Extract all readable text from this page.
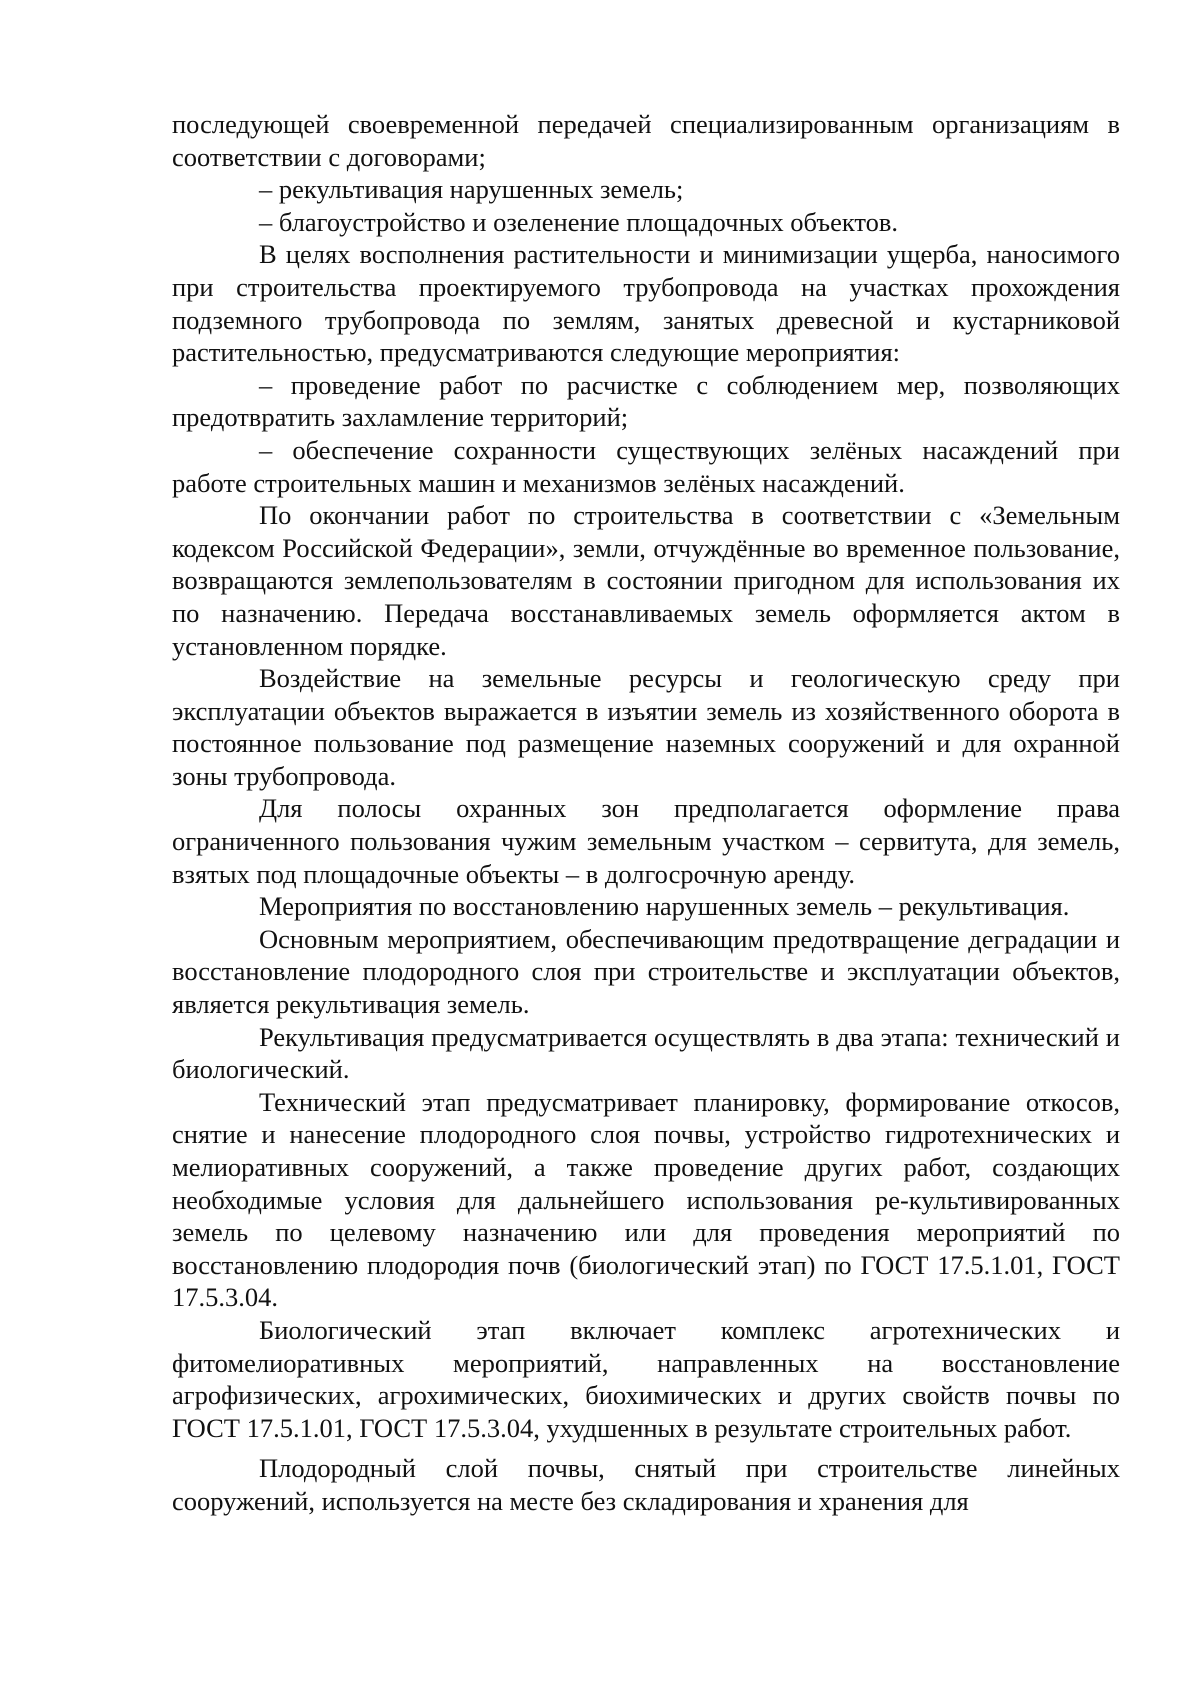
последующей своевременной передачей специализированным организациям в соответствии с договорами;

– рекультивация нарушенных земель;

– благоустройство и озеленение площадочных объектов.

В целях восполнения растительности и минимизации ущерба, наносимого при строительства проектируемого трубопровода на участках прохождения подземного трубопровода по землям, занятых древесной и кустарниковой растительностью, предусматриваются следующие мероприятия:

– проведение работ по расчистке с соблюдением мер, позволяющих предотвратить захламление территорий;

– обеспечение сохранности существующих зелёных насаждений при работе строительных машин и механизмов зелёных насаждений.

По окончании работ по строительства в соответствии с «Земельным кодексом Российской Федерации», земли, отчуждённые во временное пользование, возвращаются землепользователям в состоянии пригодном для использования их по назначению. Передача восстанавливаемых земель оформляется актом в установленном порядке.

Воздействие на земельные ресурсы и геологическую среду при эксплуатации объектов выражается в изъятии земель из хозяйственного оборота в постоянное пользование под размещение наземных сооружений и для охранной зоны трубопровода.

Для полосы охранных зон предполагается оформление права ограниченного пользования чужим земельным участком – сервитута, для земель, взятых под площадочные объекты – в долгосрочную аренду.

Мероприятия по восстановлению нарушенных земель – рекультивация.

Основным мероприятием, обеспечивающим предотвращение деградации и восстановление плодородного слоя при строительстве и эксплуатации объектов, является рекультивация земель.

Рекультивация предусматривается осуществлять в два этапа: технический и биологический.

Технический этап предусматривает планировку, формирование откосов, снятие и нанесение плодородного слоя почвы, устройство гидротехнических и мелиоративных сооружений, а также проведение других работ, создающих необходимые условия для дальнейшего использования ре-культивированных земель по целевому назначению или для проведения мероприятий по восстановлению плодородия почв (биологический этап) по ГОСТ 17.5.1.01, ГОСТ 17.5.3.04.

Биологический этап включает комплекс агротехнических и фитомелиоративных мероприятий, направленных на восстановление агрофизических, агрохимических, биохимических и других свойств почвы по ГОСТ 17.5.1.01, ГОСТ 17.5.3.04, ухудшенных в результате строительных работ.

Плодородный слой почвы, снятый при строительстве линейных сооружений, используется на месте без складирования и хранения для
